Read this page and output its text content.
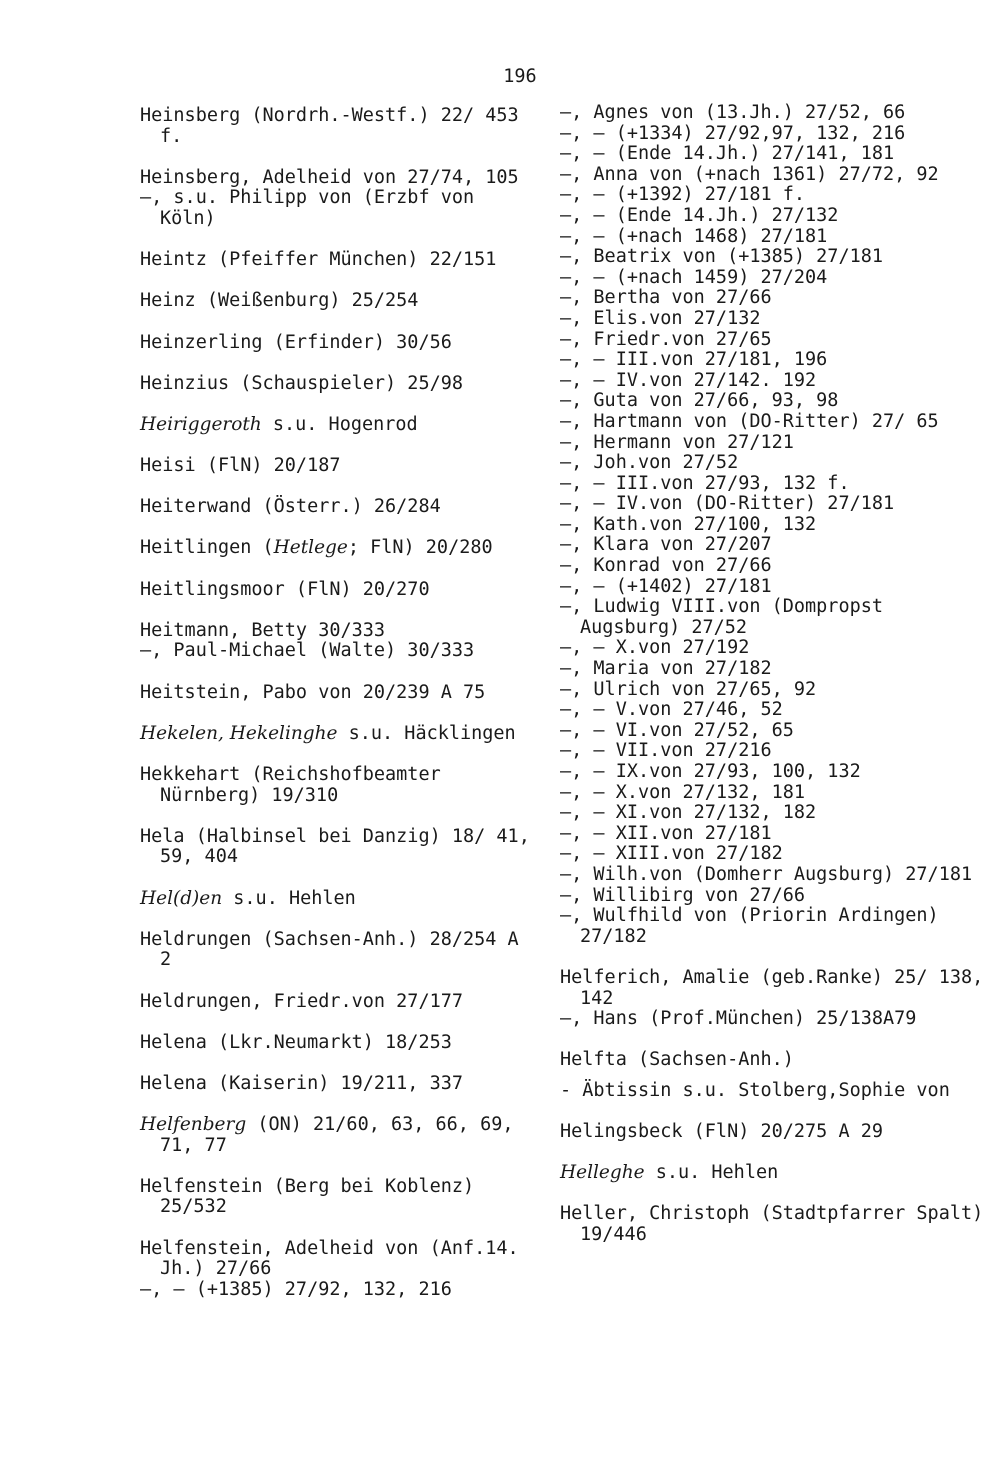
196

Heinsberg (Nordrh.-Westf.) 22/ 453 f.

Heinsberg, Adelheid von 27/74, 105

—, s.u. Philipp von (Erzbf von Köln)

Heintz (Pfeiffer München) 22/151

Heinz (Weißenburg) 25/254

Heinzerling (Erfinder) 30/56

Heinzius (Schauspieler) 25/98

Heiriggeroth s.u. Hogenrod

Heisi (FlN) 20/187

Heiterwand (Österr.) 26/284

Heitlingen (Hetlege; FlN) 20/280

Heitlingsmoor (FlN) 20/270

Heitmann, Betty 30/333

—, Paul-Michael (Walte) 30/333

Heitstein, Pabo von 20/239 A 75

Hekelen, Hekelinghe s.u. Häcklingen

Hekkehart (Reichshofbeamter Nürnberg) 19/310

Hela (Halbinsel bei Danzig) 18/ 41, 59, 404

Hel(d)en s.u. Hehlen

Heldrungen (Sachsen-Anh.) 28/254 A 2

Heldrungen, Friedr.von 27/177

Helena (Lkr.Neumarkt) 18/253

Helena (Kaiserin) 19/211, 337

Helfenberg (ON) 21/60, 63, 66, 69, 71, 77

Helfenstein (Berg bei Koblenz) 25/532

Helfenstein, Adelheid von (Anf.14. Jh.) 27/66

—, — (+1385) 27/92, 132, 216

—, Agnes von (13.Jh.) 27/52, 66

—, — (+1334) 27/92,97, 132, 216

—, — (Ende 14.Jh.) 27/141, 181

—, Anna von (+nach 1361) 27/72, 92

—, — (+1392) 27/181 f.

—, — (Ende 14.Jh.) 27/132

—, — (+nach 1468) 27/181

—, Beatrix von (+1385) 27/181

—, — (+nach 1459) 27/204

—, Bertha von 27/66

—, Elis.von 27/132

—, Friedr.von 27/65

—, — III.von 27/181, 196

—, — IV.von 27/142. 192

—, Guta von 27/66, 93, 98

—, Hartmann von (DO-Ritter) 27/ 65

—, Hermann von 27/121

—, Joh.von 27/52

—, — III.von 27/93, 132 f.

—, — IV.von (DO-Ritter) 27/181

—, Kath.von 27/100, 132

—, Klara von 27/207

—, Konrad von 27/66

—, — (+1402) 27/181

—, Ludwig VIII.von (Dompropst Augsburg) 27/52

—, — X.von 27/192

—, Maria von 27/182

—, Ulrich von 27/65, 92

—, — V.von 27/46, 52

—, — VI.von 27/52, 65

—, — VII.von 27/216

—, — IX.von 27/93, 100, 132

—, — X.von 27/132, 181

—, — XI.von 27/132, 182

—, — XII.von 27/181

—, — XIII.von 27/182

—, Wilh.von (Domherr Augsburg) 27/181

—, Willibirg von 27/66

—, Wulfhild von (Priorin Ardingen) 27/182

Helferich, Amalie (geb.Ranke) 25/ 138, 142

—, Hans (Prof.München) 25/138A79

Helfta (Sachsen-Anh.)

- Äbtissin s.u. Stolberg,Sophie von

Helingsbeck (FlN) 20/275 A 29

Helleghe s.u. Hehlen

Heller, Christoph (Stadtpfarrer Spalt) 19/446
